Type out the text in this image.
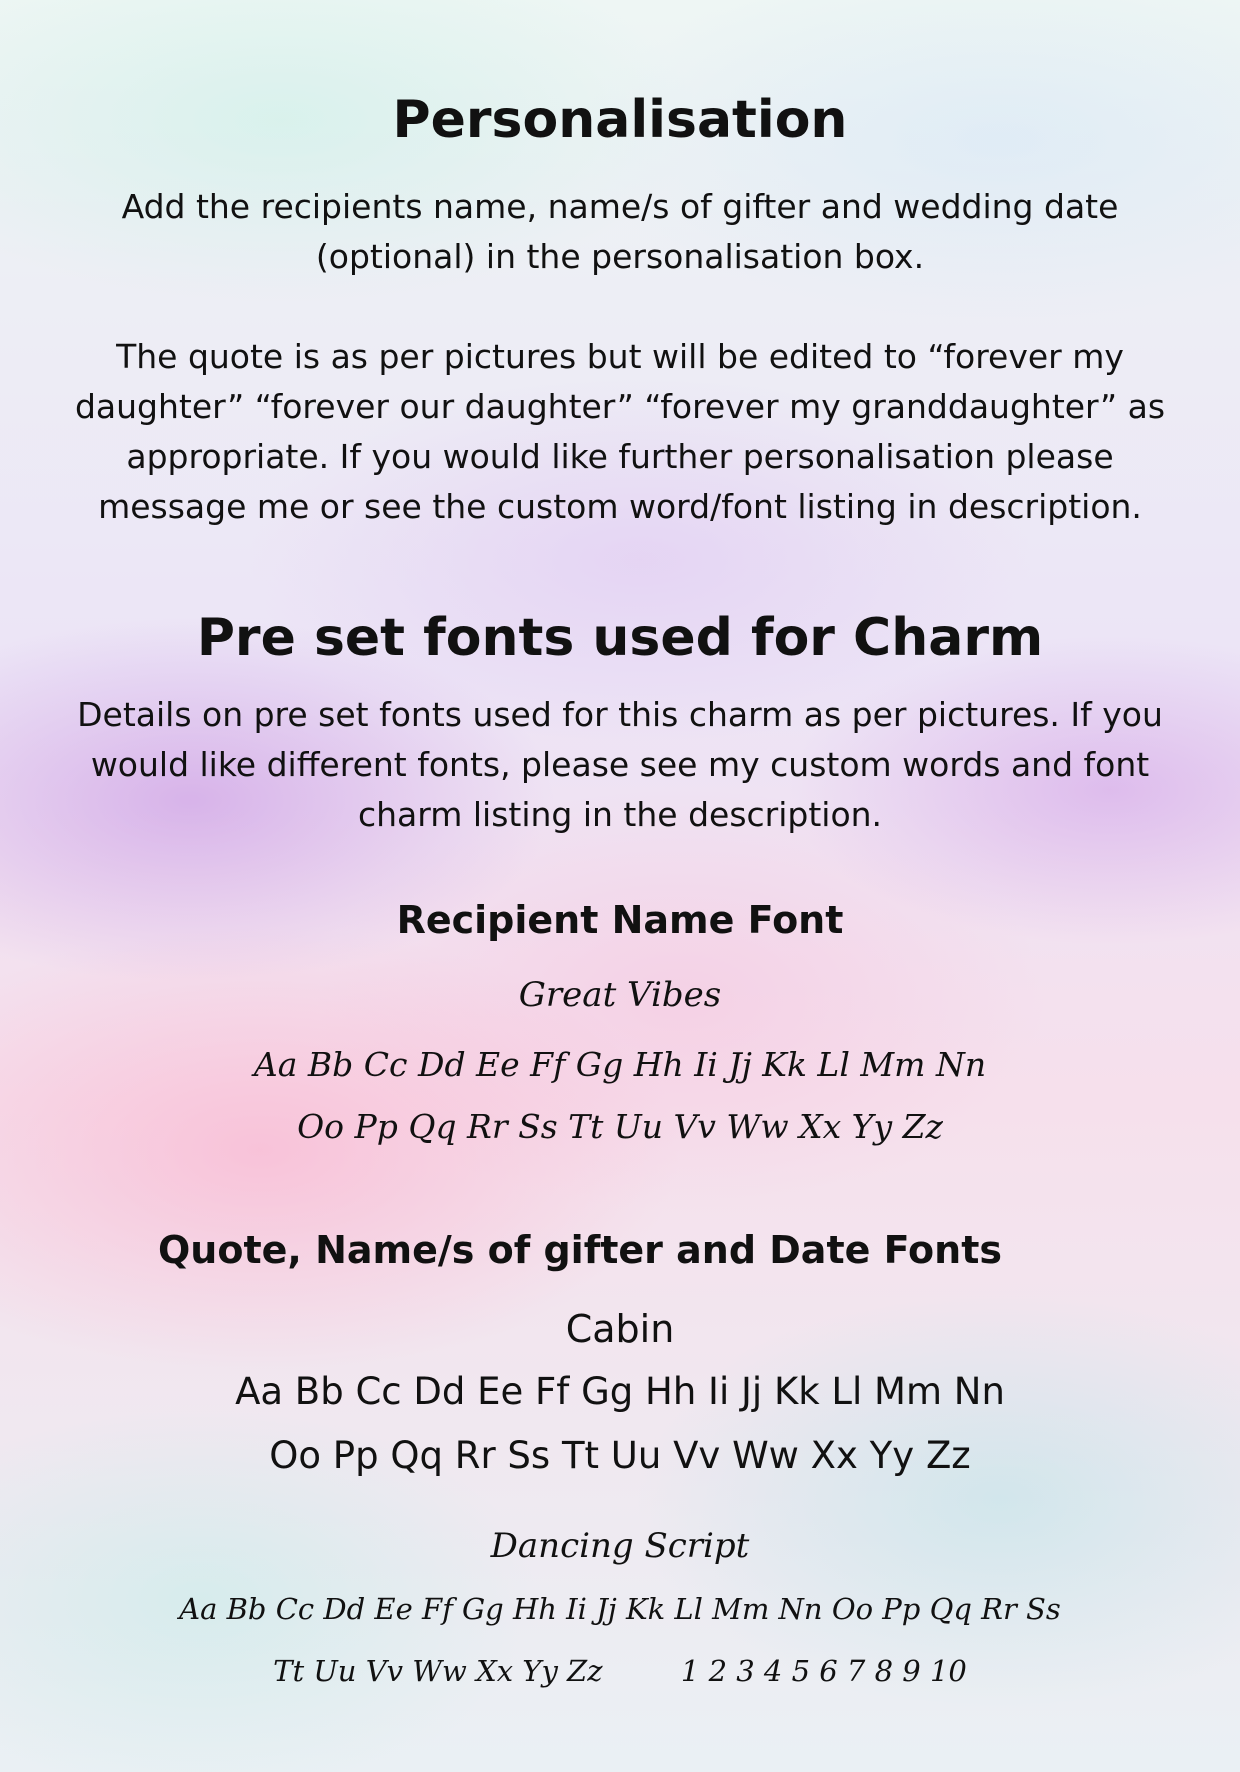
Personalisation
Add the recipients name, name/s of gifter and wedding date
(optional) in the personalisation box.
The quote is as per pictures but will be edited to “forever my
daughter” “forever our daughter” “forever my granddaughter” as
appropriate. If you would like further personalisation please
message me or see the custom word/font listing in description.
Pre set fonts used for Charm
Details on pre set fonts used for this charm as per pictures. If you
would like different fonts, please see my custom words and font
charm listing in the description.
Recipient Name Font
Great Vibes
Aa Bb Cc Dd Ee Ff Gg Hh Ii Jj Kk Ll Mm Nn
Oo Pp Qq Rr Ss Tt Uu Vv Ww Xx Yy Zz
Quote, Name/s of gifter and Date Fonts
Cabin
Aa Bb Cc Dd Ee Ff Gg Hh Ii Jj Kk Ll Mm Nn
Oo Pp Qq Rr Ss Tt Uu Vv Ww Xx Yy Zz
Dancing Script
Aa Bb Cc Dd Ee Ff Gg Hh Ii Jj Kk Ll Mm Nn Oo Pp Qq Rr Ss
Tt Uu Vv Ww Xx Yy Zz	1 2 3 4 5 6 7 8 9 10
